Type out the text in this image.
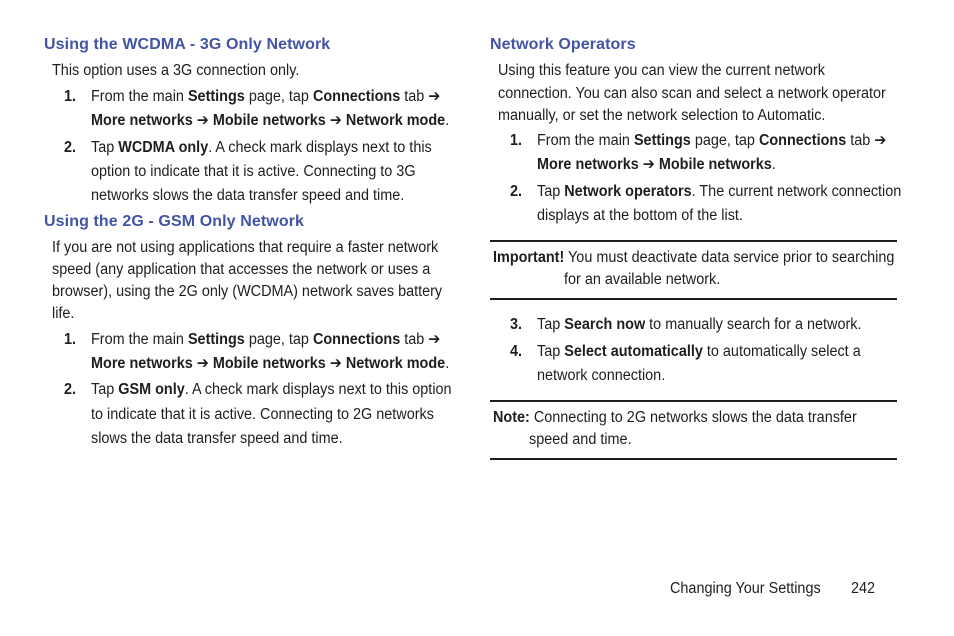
Using the WCDMA - 3G Only Network

This option uses a 3G connection only.

1. From the main Settings page, tap Connections tab ➔

More networks ➔ Mobile networks ➔ Network mode.

2. Tap WCDMA only. A check mark displays next to this

option to indicate that it is active. Connecting to 3G

networks slows the data transfer speed and time.

Using the 2G - GSM Only Network

If you are not using applications that require a faster network

speed (any application that accesses the network or uses a

browser), using the 2G only (WCDMA) network saves battery

life.

1. From the main Settings page, tap Connections tab ➔

More networks ➔ Mobile networks ➔ Network mode.

2. Tap GSM only. A check mark displays next to this option

to indicate that it is active. Connecting to 2G networks

slows the data transfer speed and time.

Network Operators

Using this feature you can view the current network

connection. You can also scan and select a network operator

manually, or set the network selection to Automatic.

1. From the main Settings page, tap Connections tab ➔

More networks ➔ Mobile networks.

2. Tap Network operators. The current network connection

displays at the bottom of the list.

Important! You must deactivate data service prior to searching

for an available network.

3. Tap Search now to manually search for a network.

4. Tap Select automatically to automatically select a

network connection.

Note: Connecting to 2G networks slows the data transfer

speed and time.

Changing Your Settings 242
